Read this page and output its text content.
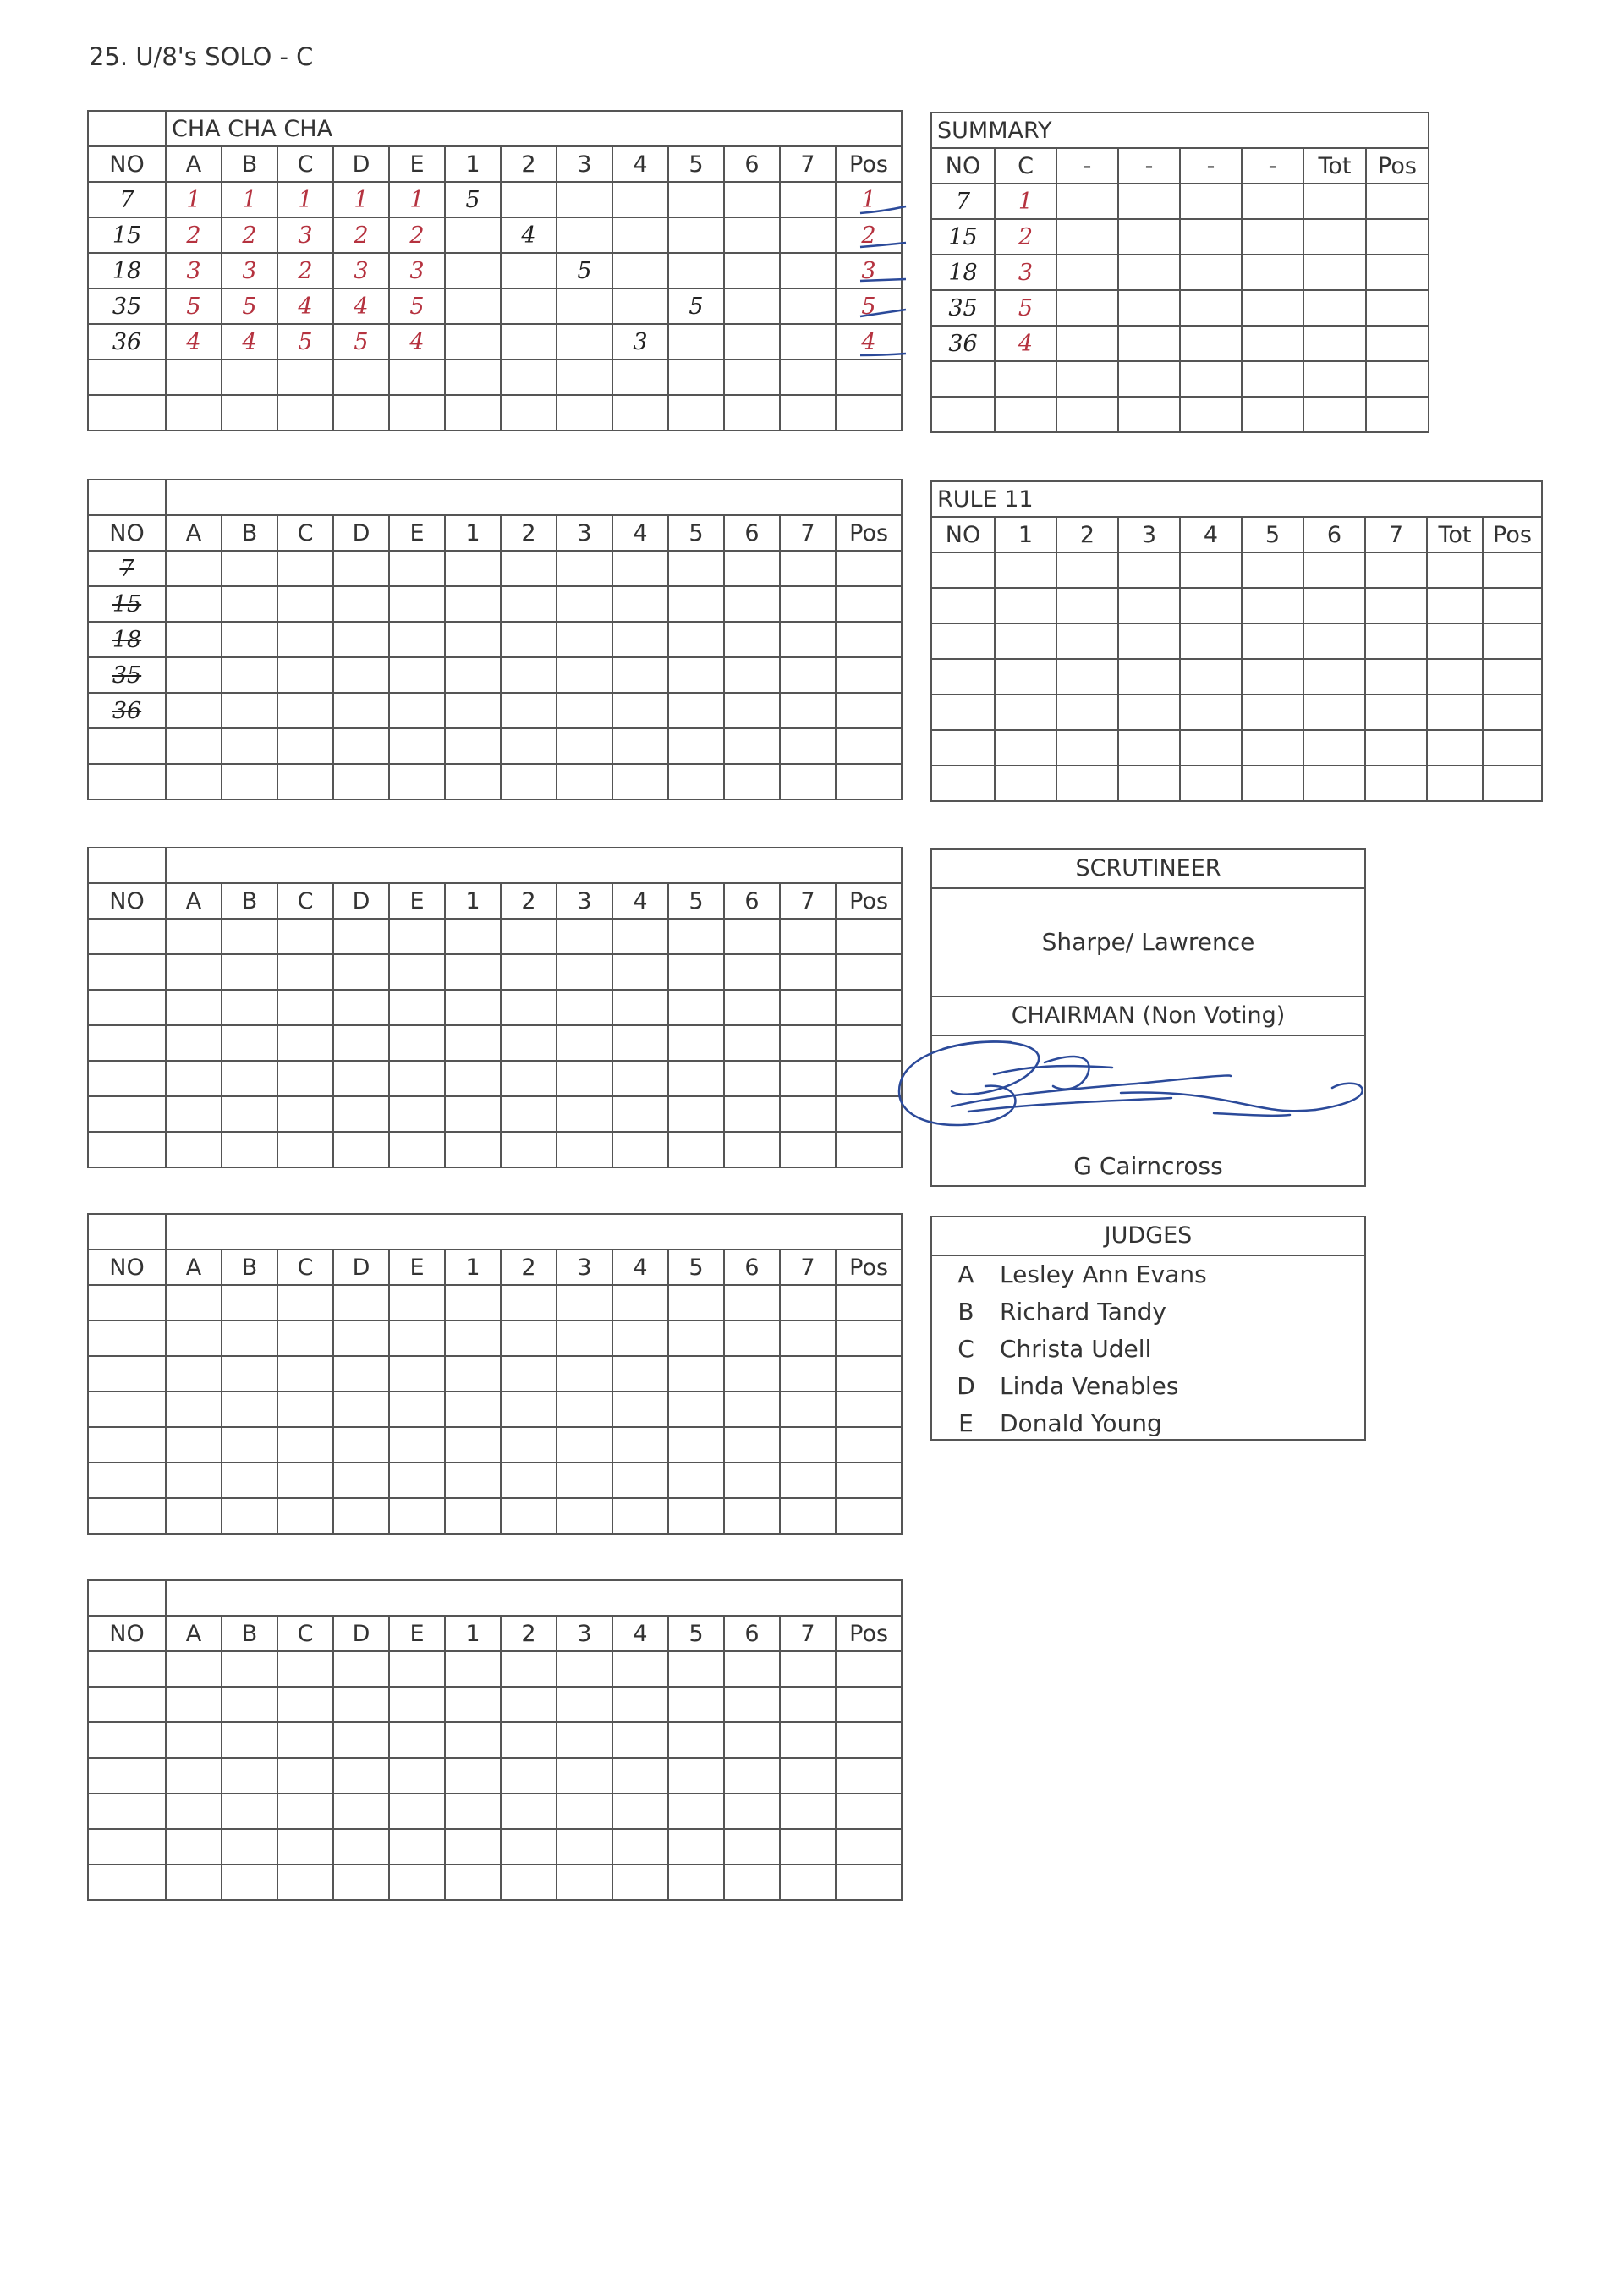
25. U/8's SOLO - C
	CHA CHA CHA												
NO	A	B	C	D	E	1	2	3	4	5	6	7	Pos
7	1	1	1	1	1	5							1
15	2	2	3	2	2		4						2
18	3	3	2	3	3			5					3
35	5	5	4	4	5					5			5
36	4	4	5	5	4				3				4

SUMMARY							
NO	C	-	-	-	-	Tot	Pos
7	1						
15	2						
18	3						
35	5						
36	4						

NO	A	B	C	D	E	1	2	3	4	5	6	7	Pos
7													
15													
18													
35													
36													

RULE 11									
NO	1	2	3	4	5	6	7	Tot	Pos

NO	A	B	C	D	E	1	2	3	4	5	6	7	Pos

SCRUTINEER
Sharpe/ Lawrence
CHAIRMAN (Non Voting)
G Cairncross

NO	A	B	C	D	E	1	2	3	4	5	6	7	Pos

JUDGES
A	Lesley Ann Evans
B	Richard Tandy
C	Christa Udell
D	Linda Venables
E	Donald Young

NO	A	B	C	D	E	1	2	3	4	5	6	7	Pos
